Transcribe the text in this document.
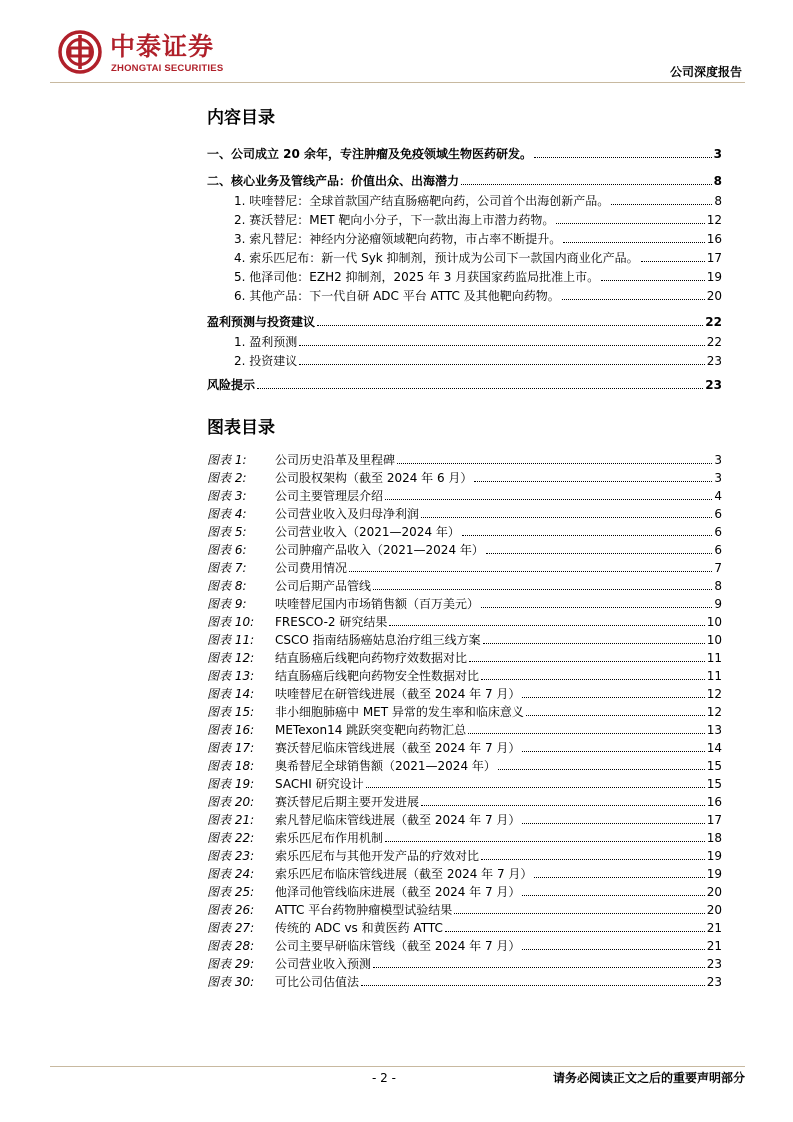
中泰证券
ZHONGTAI SECURITIES	公司深度报告
内容目录
一、公司成立 20 余年，专注肿瘤及免疫领域生物医药研发。	3
二、核心业务及管线产品：价值出众、出海潜力	8
1. 呋喹替尼：全球首款国产结直肠癌靶向药，公司首个出海创新产品。	8
2. 赛沃替尼：MET 靶向小分子，下一款出海上市潜力药物。	12
3. 索凡替尼：神经内分泌瘤领域靶向药物，市占率不断提升。	16
4. 索乐匹尼布：新一代 Syk 抑制剂，预计成为公司下一款国内商业化产品。	17
5. 他泽司他：EZH2 抑制剂，2025 年 3 月获国家药监局批准上市。	19
6. 其他产品：下一代自研 ADC 平台 ATTC 及其他靶向药物。	20
盈利预测与投资建议	22
1. 盈利预测	22
2. 投资建议	23
风险提示	23
图表目录
图表 1:	公司历史沿革及里程碑	3
图表 2:	公司股权架构（截至 2024 年 6 月）	3
图表 3:	公司主要管理层介绍	4
图表 4:	公司营业收入及归母净利润	6
图表 5:	公司营业收入（2021—2024 年）	6
图表 6:	公司肿瘤产品收入（2021—2024 年）	6
图表 7:	公司费用情况	7
图表 8:	公司后期产品管线	8
图表 9:	呋喹替尼国内市场销售额（百万美元）	9
图表 10:	FRESCO-2 研究结果	10
图表 11:	CSCO 指南结肠癌姑息治疗组三线方案	10
图表 12:	结直肠癌后线靶向药物疗效数据对比	11
图表 13:	结直肠癌后线靶向药物安全性数据对比	11
图表 14:	呋喹替尼在研管线进展（截至 2024 年 7 月）	12
图表 15:	非小细胞肺癌中 MET 异常的发生率和临床意义	12
图表 16:	METexon14 跳跃突变靶向药物汇总	13
图表 17:	赛沃替尼临床管线进展（截至 2024 年 7 月）	14
图表 18:	奥希替尼全球销售额（2021—2024 年）	15
图表 19:	SACHI 研究设计	15
图表 20:	赛沃替尼后期主要开发进展	16
图表 21:	索凡替尼临床管线进展（截至 2024 年 7 月）	17
图表 22:	索乐匹尼布作用机制	18
图表 23:	索乐匹尼布与其他开发产品的疗效对比	19
图表 24:	索乐匹尼布临床管线进展（截至 2024 年 7 月）	19
图表 25:	他泽司他管线临床进展（截至 2024 年 7 月）	20
图表 26:	ATTC 平台药物肿瘤模型试验结果	20
图表 27:	传统的 ADC vs 和黄医药 ATTC	21
图表 28:	公司主要早研临床管线（截至 2024 年 7 月）	21
图表 29:	公司营业收入预测	23
图表 30:	可比公司估值法	23
- 2 -	请务必阅读正文之后的重要声明部分
